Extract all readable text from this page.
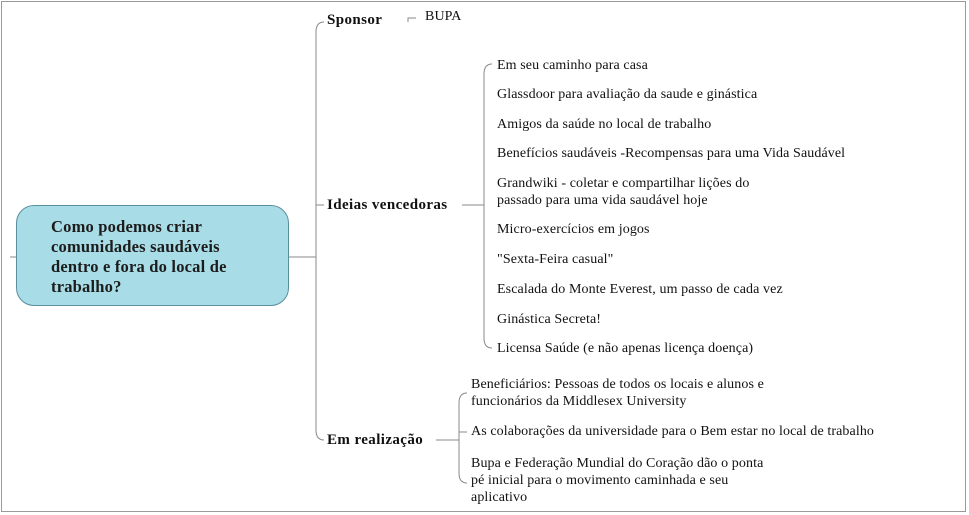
Como podemos criar
comunidades saudáveis
dentro e fora do local de
trabalho?
Sponsor	BUPA
Ideias vencedoras
Em seu caminho para casa
Glassdoor para avaliação da saude e ginástica
Amigos da saúde no local de trabalho
Benefícios saudáveis -Recompensas para uma Vida Saudável
Grandwiki - coletar e compartilhar lições do
passado para uma vida saudável hoje
Micro-exercícios em jogos
"Sexta-Feira casual"
Escalada do Monte Everest, um passo de cada vez
Ginástica Secreta!
Licensa Saúde (e não apenas licença doença)
Em realização
Beneficiários: Pessoas de todos os locais e alunos e
funcionários da Middlesex University
As colaborações da universidade para o Bem estar no local de trabalho
Bupa e Federação Mundial do Coração dão o ponta
pé inicial para o movimento caminhada e seu
aplicativo
